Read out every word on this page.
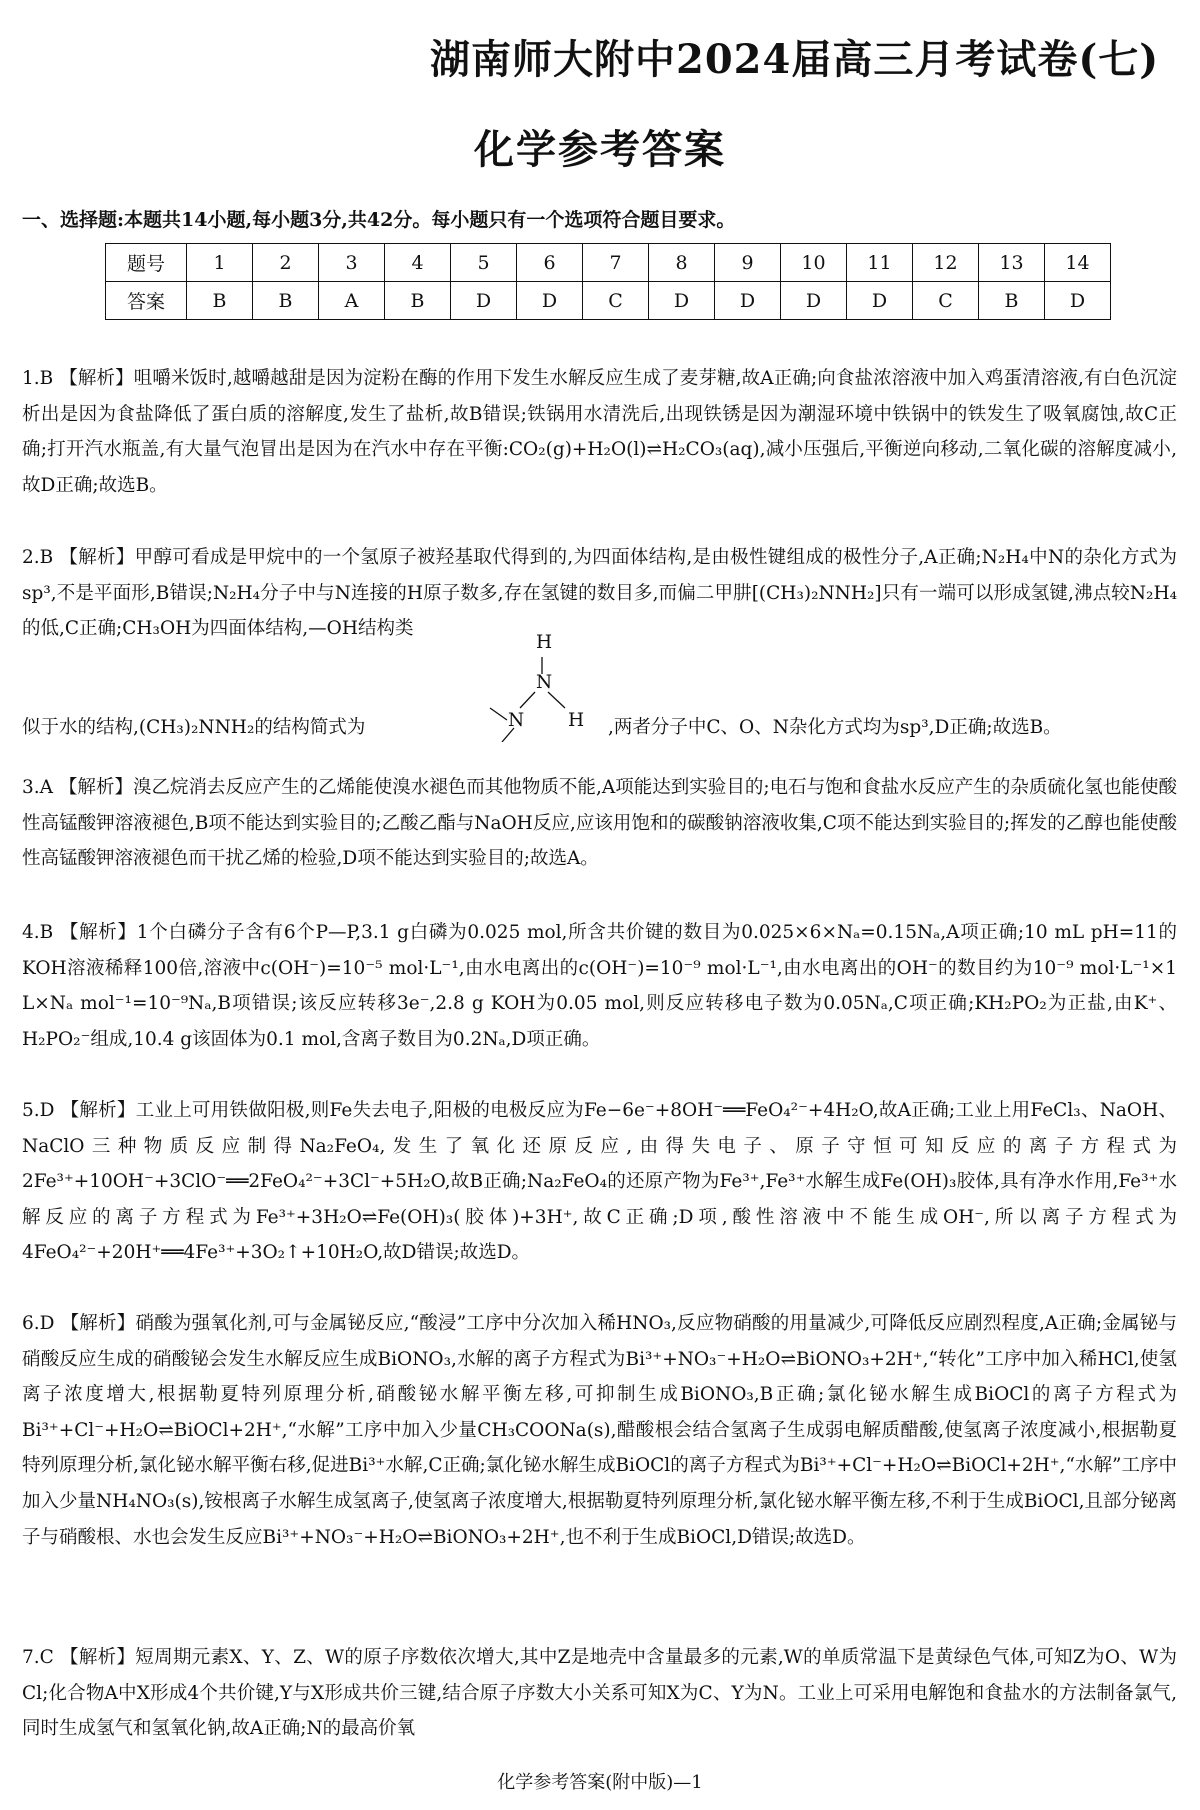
湖南师大附中2024届高三月考试卷(七)
化学参考答案
一、选择题:本题共14小题,每小题3分,共42分。每小题只有一个选项符合题目要求。
题号	1	2	3	4	5	6	7	8	9	10	11	12	13	14
答案	B	B	A	B	D	D	C	D	D	D	D	C	B	D
1.B 【解析】咀嚼米饭时,越嚼越甜是因为淀粉在酶的作用下发生水解反应生成了麦芽糖,故A正确;向食盐浓溶液中加入鸡蛋清溶液,有白色沉淀析出是因为食盐降低了蛋白质的溶解度,发生了盐析,故B错误;铁锅用水清洗后,出现铁锈是因为潮湿环境中铁锅中的铁发生了吸氧腐蚀,故C正确;打开汽水瓶盖,有大量气泡冒出是因为在汽水中存在平衡:CO₂(g)+H₂O(l)⇌H₂CO₃(aq),减小压强后,平衡逆向移动,二氧化碳的溶解度减小,故D正确;故选B。
2.B 【解析】甲醇可看成是甲烷中的一个氢原子被羟基取代得到的,为四面体结构,是由极性键组成的极性分子,A正确;N₂H₄中N的杂化方式为sp³,不是平面形,B错误;N₂H₄分子中与N连接的H原子数多,存在氢键的数目多,而偏二甲肼[(CH₃)₂NNH₂]只有一端可以形成氢键,沸点较N₂H₄的低,C正确;CH₃OH为四面体结构,—OH结构类
H
N
N H
似于水的结构,(CH₃)₂NNH₂的结构简式为	,两者分子中C、O、N杂化方式均为sp³,D正确;故选B。
3.A 【解析】溴乙烷消去反应产生的乙烯能使溴水褪色而其他物质不能,A项能达到实验目的;电石与饱和食盐水反应产生的杂质硫化氢也能使酸性高锰酸钾溶液褪色,B项不能达到实验目的;乙酸乙酯与NaOH反应,应该用饱和的碳酸钠溶液收集,C项不能达到实验目的;挥发的乙醇也能使酸性高锰酸钾溶液褪色而干扰乙烯的检验,D项不能达到实验目的;故选A。
4.B 【解析】1个白磷分子含有6个P—P,3.1 g白磷为0.025 mol,所含共价键的数目为0.025×6×Nₐ=0.15Nₐ,A项正确;10 mL pH=11的KOH溶液稀释100倍,溶液中c(OH⁻)=10⁻⁵ mol·L⁻¹,由水电离出的c(OH⁻)=10⁻⁹ mol·L⁻¹,由水电离出的OH⁻的数目约为10⁻⁹ mol·L⁻¹×1 L×Nₐ mol⁻¹=10⁻⁹Nₐ,B项错误;该反应转移3e⁻,2.8 g KOH为0.05 mol,则反应转移电子数为0.05Nₐ,C项正确;KH₂PO₂为正盐,由K⁺、H₂PO₂⁻组成,10.4 g该固体为0.1 mol,含离子数目为0.2Nₐ,D项正确。
5.D 【解析】工业上可用铁做阳极,则Fe失去电子,阳极的电极反应为Fe−6e⁻+8OH⁻══FeO₄²⁻+4H₂O,故A正确;工业上用FeCl₃、NaOH、NaClO三种物质反应制得Na₂FeO₄,发生了氧化还原反应,由得失电子、原子守恒可知反应的离子方程式为2Fe³⁺+10OH⁻+3ClO⁻══2FeO₄²⁻+3Cl⁻+5H₂O,故B正确;Na₂FeO₄的还原产物为Fe³⁺,Fe³⁺水解生成Fe(OH)₃胶体,具有净水作用,Fe³⁺水解反应的离子方程式为Fe³⁺+3H₂O⇌Fe(OH)₃(胶体)+3H⁺,故C正确;D项,酸性溶液中不能生成OH⁻,所以离子方程式为4FeO₄²⁻+20H⁺══4Fe³⁺+3O₂↑+10H₂O,故D错误;故选D。
6.D 【解析】硝酸为强氧化剂,可与金属铋反应,“酸浸”工序中分次加入稀HNO₃,反应物硝酸的用量减少,可降低反应剧烈程度,A正确;金属铋与硝酸反应生成的硝酸铋会发生水解反应生成BiONO₃,水解的离子方程式为Bi³⁺+NO₃⁻+H₂O⇌BiONO₃+2H⁺,“转化”工序中加入稀HCl,使氢离子浓度增大,根据勒夏特列原理分析,硝酸铋水解平衡左移,可抑制生成BiONO₃,B正确;氯化铋水解生成BiOCl的离子方程式为Bi³⁺+Cl⁻+H₂O⇌BiOCl+2H⁺,“水解”工序中加入少量CH₃COONa(s),醋酸根会结合氢离子生成弱电解质醋酸,使氢离子浓度减小,根据勒夏特列原理分析,氯化铋水解平衡右移,促进Bi³⁺水解,C正确;氯化铋水解生成BiOCl的离子方程式为Bi³⁺+Cl⁻+H₂O⇌BiOCl+2H⁺,“水解”工序中加入少量NH₄NO₃(s),铵根离子水解生成氢离子,使氢离子浓度增大,根据勒夏特列原理分析,氯化铋水解平衡左移,不利于生成BiOCl,且部分铋离子与硝酸根、水也会发生反应Bi³⁺+NO₃⁻+H₂O⇌BiONO₃+2H⁺,也不利于生成BiOCl,D错误;故选D。
7.C 【解析】短周期元素X、Y、Z、W的原子序数依次增大,其中Z是地壳中含量最多的元素,W的单质常温下是黄绿色气体,可知Z为O、W为Cl;化合物A中X形成4个共价键,Y与X形成共价三键,结合原子序数大小关系可知X为C、Y为N。工业上可采用电解饱和食盐水的方法制备氯气,同时生成氢气和氢氧化钠,故A正确;N的最高价氧
化学参考答案(附中版)—1
